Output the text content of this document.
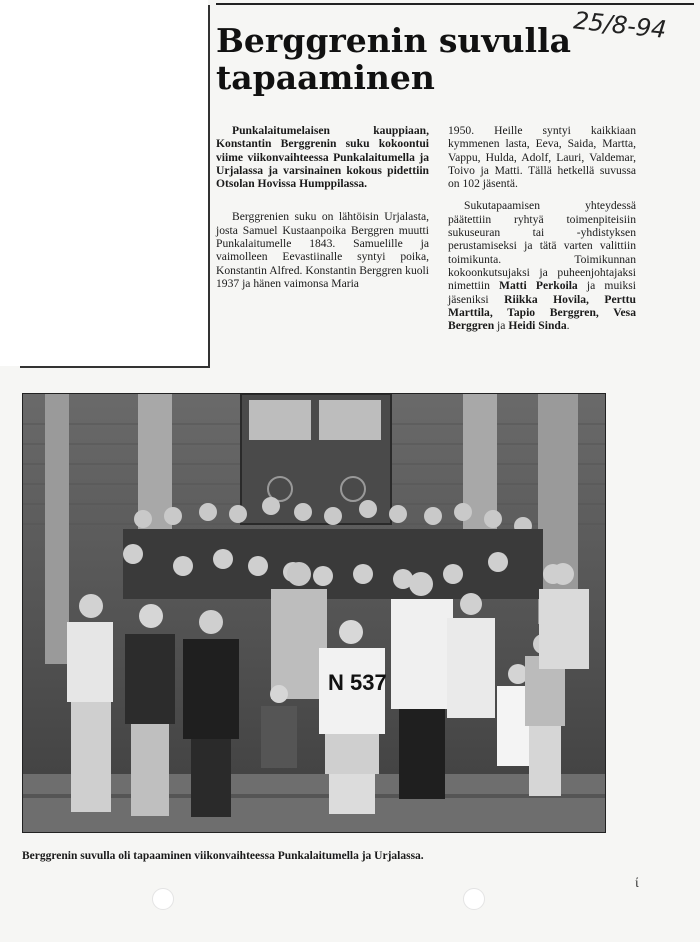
25/8-94
Berggrenin suvulla tapaaminen

Punkalaitumelaisen kauppiaan, Konstantin Berggrenin suku kokoontui viime viikonvaihteessa Punkalaitumella ja Urjalassa ja varsinainen kokous pidettiin Otsolan Hovissa Humppilassa.

Berggrenien suku on lähtöisin Urjalasta, josta Samuel Kustaanpoika Berggren muutti Punkalaitumelle 1843. Samuelille ja vaimolleen Eevastiinalle syntyi poika, Konstantin Alfred. Konstantin Berggren kuoli 1937 ja hänen vaimonsa Maria

1950. Heille syntyi kaikkiaan kymmenen lasta, Eeva, Saida, Martta, Vappu, Hulda, Adolf, Lauri, Valdemar, Toivo ja Matti. Tällä hetkellä suvussa on 102 jäsentä.

Sukutapaamisen yhteydessä päätettiin ryhtyä toimenpiteisiin sukuseuran tai -yhdistyksen perustamiseksi ja tätä varten valittiin toimikunta. Toimikunnan kokoonkutsujaksi ja puheenjohtajaksi nimettiin Matti Perkoila ja muiksi jäseniksi Riikka Hovila, Perttu Marttila, Tapio Berggren, Vesa Berggren ja Heidi Sinda.

N 537

Berggrenin suvulla oli tapaaminen viikonvaihteessa Punkalaitumella ja Urjalassa.

ί
